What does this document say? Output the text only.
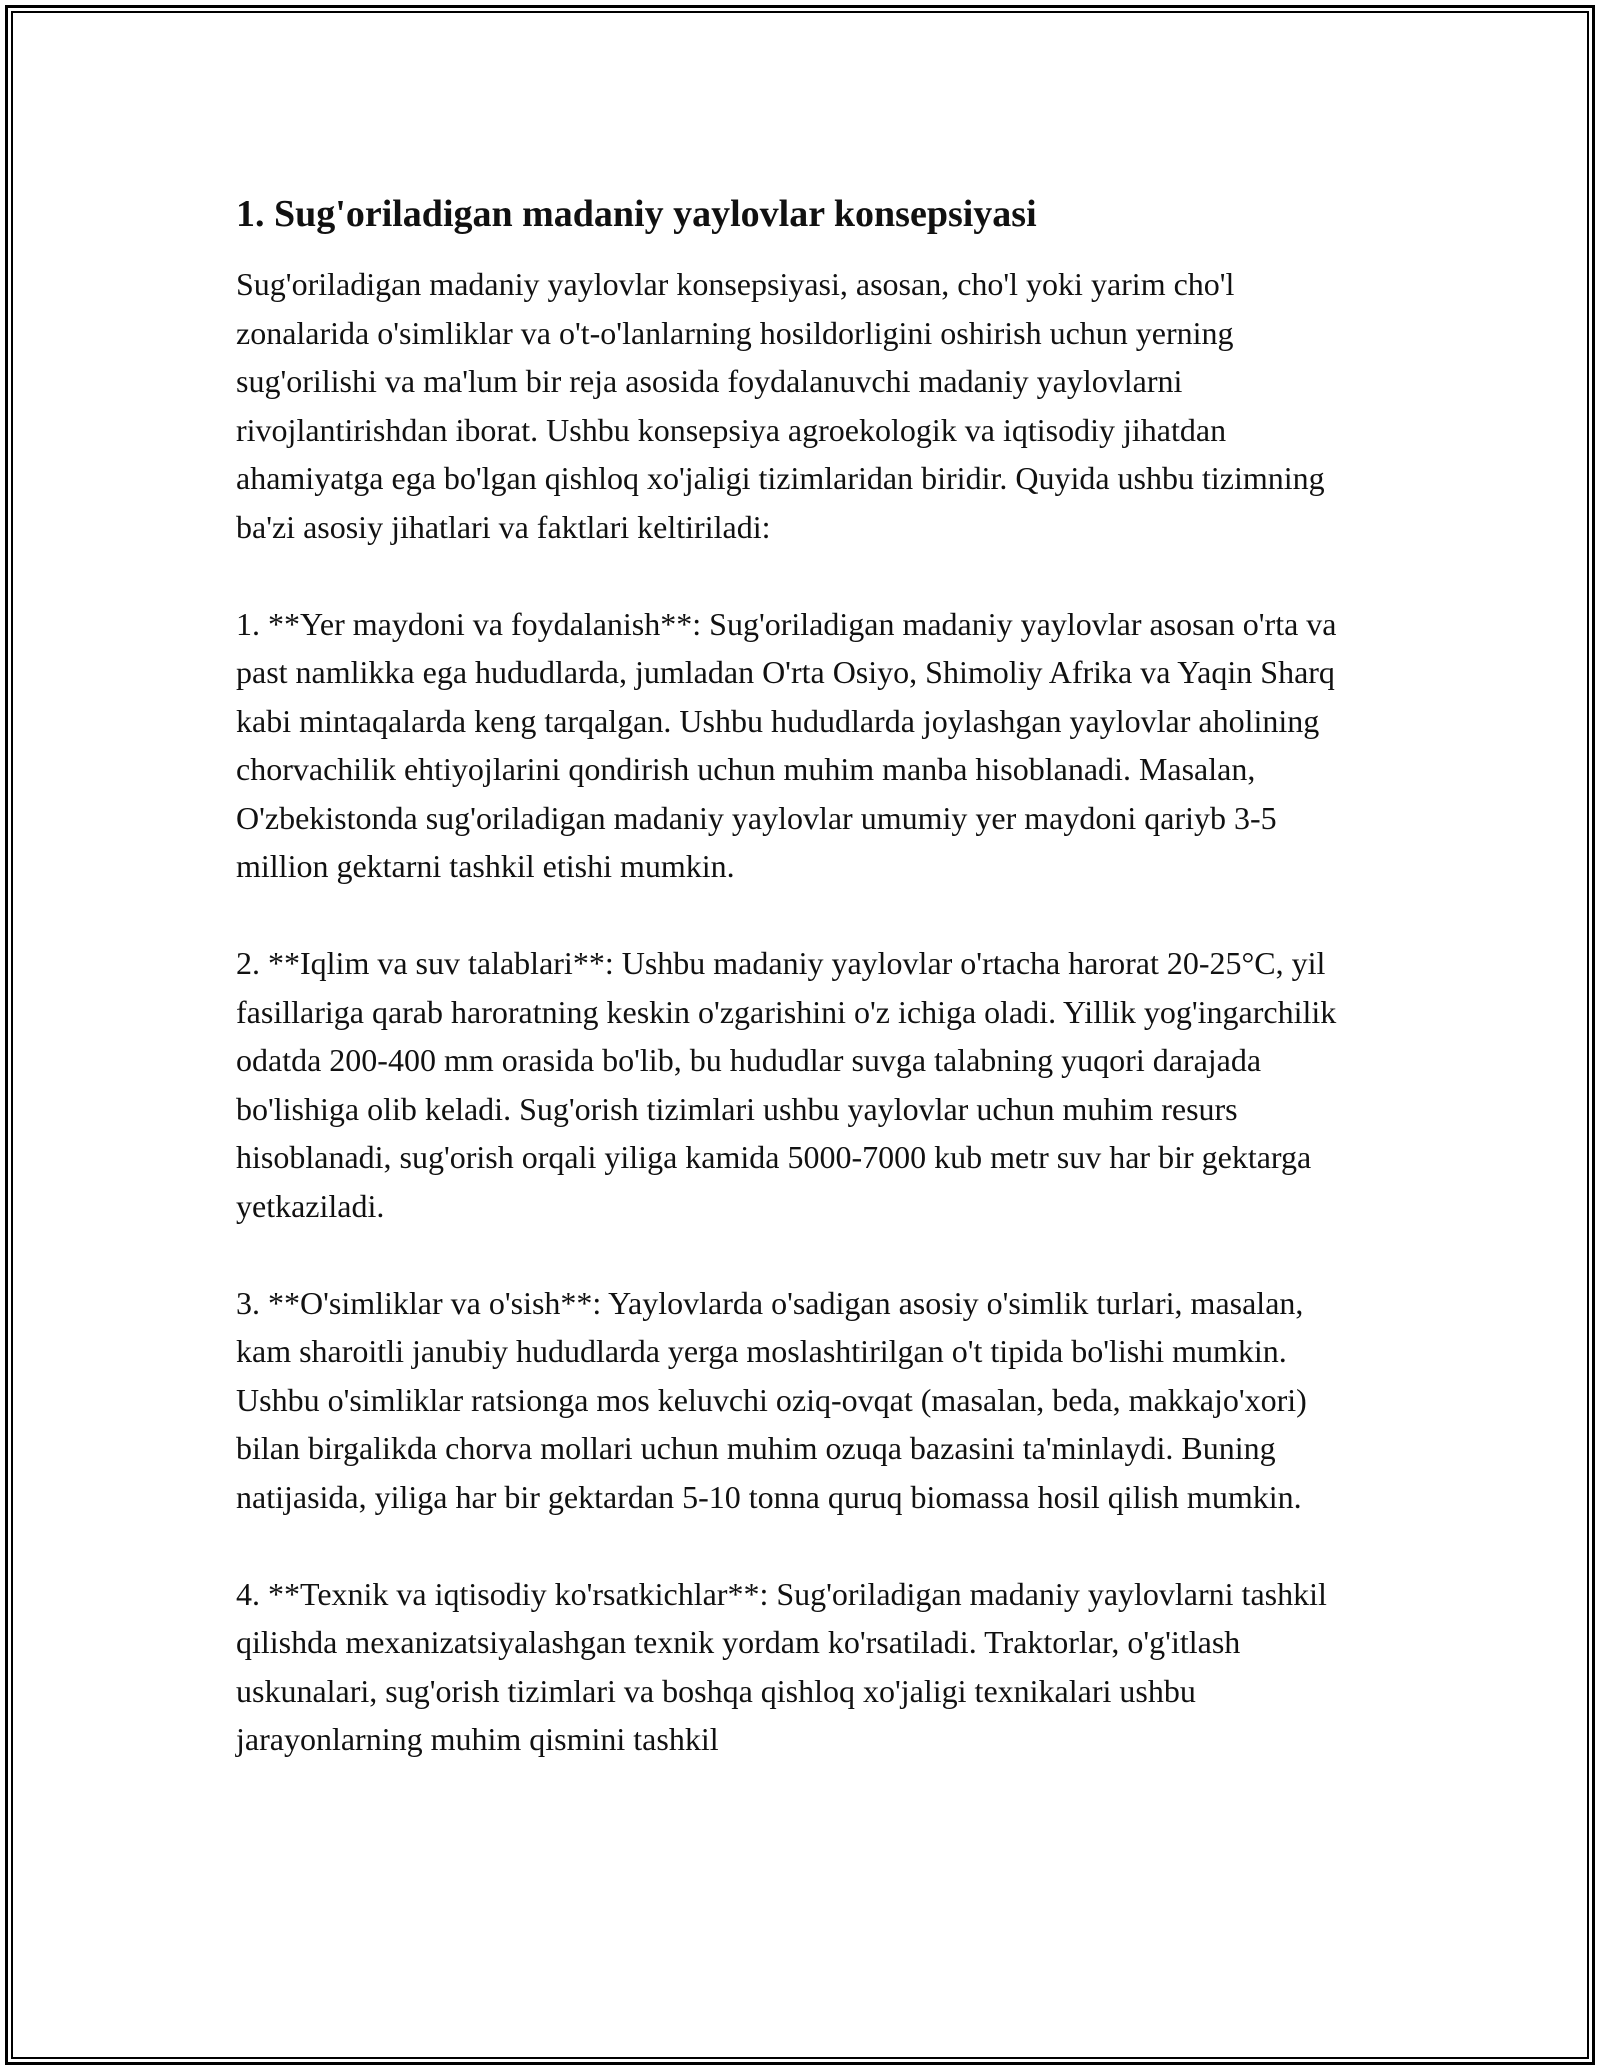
1. Sug'oriladigan madaniy yaylovlar konsepsiyasi

Sug'oriladigan madaniy yaylovlar konsepsiyasi, asosan, cho'l yoki yarim cho'l zonalarida o'simliklar va o't-o'lanlarning hosildorligini oshirish uchun yerning sug'orilishi va ma'lum bir reja asosida foydalanuvchi madaniy yaylovlarni rivojlantirishdan iborat. Ushbu konsepsiya agroekologik va iqtisodiy jihatdan ahamiyatga ega bo'lgan qishloq xo'jaligi tizimlaridan biridir. Quyida ushbu tizimning ba'zi asosiy jihatlari va faktlari keltiriladi:

1. **Yer maydoni va foydalanish**: Sug'oriladigan madaniy yaylovlar asosan o'rta va past namlikka ega hududlarda, jumladan O'rta Osiyo, Shimoliy Afrika va Yaqin Sharq kabi mintaqalarda keng tarqalgan. Ushbu hududlarda joylashgan yaylovlar aholining chorvachilik ehtiyojlarini qondirish uchun muhim manba hisoblanadi. Masalan, O'zbekistonda sug'oriladigan madaniy yaylovlar umumiy yer maydoni qariyb 3-5 million gektarni tashkil etishi mumkin.

2. **Iqlim va suv talablari**: Ushbu madaniy yaylovlar o'rtacha harorat 20-25°C, yil fasillariga qarab haroratning keskin o'zgarishini o'z ichiga oladi. Yillik yog'ingarchilik odatda 200-400 mm orasida bo'lib, bu hududlar suvga talabning yuqori darajada bo'lishiga olib keladi. Sug'orish tizimlari ushbu yaylovlar uchun muhim resurs hisoblanadi, sug'orish orqali yiliga kamida 5000-7000 kub metr suv har bir gektarga yetkaziladi.

3. **O'simliklar va o'sish**: Yaylovlarda o'sadigan asosiy o'simlik turlari, masalan, kam sharoitli janubiy hududlarda yerga moslashtirilgan o't tipida bo'lishi mumkin. Ushbu o'simliklar ratsionga mos keluvchi oziq-ovqat (masalan, beda, makkajo'xori) bilan birgalikda chorva mollari uchun muhim ozuqa bazasini ta'minlaydi. Buning natijasida, yiliga har bir gektardan 5-10 tonna quruq biomassa hosil qilish mumkin.

4. **Texnik va iqtisodiy ko'rsatkichlar**: Sug'oriladigan madaniy yaylovlarni tashkil qilishda mexanizatsiyalashgan texnik yordam ko'rsatiladi. Traktorlar, o'g'itlash uskunalari, sug'orish tizimlari va boshqa qishloq xo'jaligi texnikalari ushbu jarayonlarning muhim qismini tashkil
